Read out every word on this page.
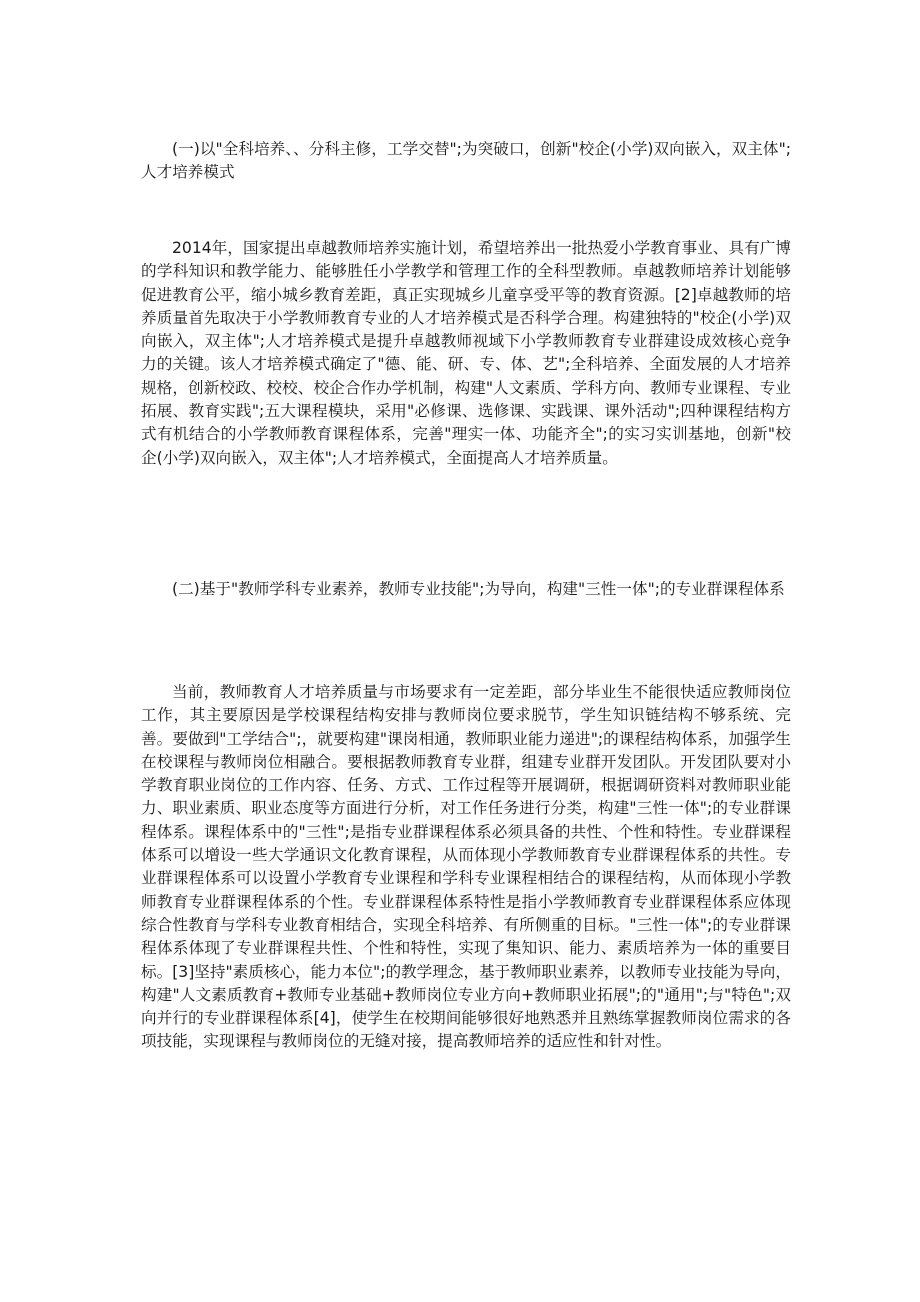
(一)以"全科培养、、分科主修，工学交替";为突破口，创新"校企(小学)双向嵌入，双主体";人才培养模式

2014年，国家提出卓越教师培养实施计划，希望培养出一批热爱小学教育事业、具有广博的学科知识和教学能力、能够胜任小学教学和管理工作的全科型教师。卓越教师培养计划能够促进教育公平，缩小城乡教育差距，真正实现城乡儿童享受平等的教育资源。[2]卓越教师的培养质量首先取决于小学教师教育专业的人才培养模式是否科学合理。构建独特的"校企(小学)双向嵌入，双主体";人才培养模式是提升卓越教师视域下小学教师教育专业群建设成效核心竞争力的关键。该人才培养模式确定了"德、能、研、专、体、艺";全科培养、全面发展的人才培养规格，创新校政、校校、校企合作办学机制，构建"人文素质、学科方向、教师专业课程、专业拓展、教育实践";五大课程模块，采用"必修课、选修课、实践课、课外活动";四种课程结构方式有机结合的小学教师教育课程体系，完善"理实一体、功能齐全";的实习实训基地，创新"校企(小学)双向嵌入，双主体";人才培养模式，全面提高人才培养质量。

(二)基于"教师学科专业素养，教师专业技能";为导向，构建"三性一体";的专业群课程体系

当前，教师教育人才培养质量与市场要求有一定差距，部分毕业生不能很快适应教师岗位工作，其主要原因是学校课程结构安排与教师岗位要求脱节，学生知识链结构不够系统、完善。要做到"工学结合";，就要构建"课岗相通，教师职业能力递进";的课程结构体系，加强学生在校课程与教师岗位相融合。要根据教师教育专业群，组建专业群开发团队。开发团队要对小学教育职业岗位的工作内容、任务、方式、工作过程等开展调研，根据调研资料对教师职业能力、职业素质、职业态度等方面进行分析，对工作任务进行分类，构建"三性一体";的专业群课程体系。课程体系中的"三性";是指专业群课程体系必须具备的共性、个性和特性。专业群课程体系可以增设一些大学通识文化教育课程，从而体现小学教师教育专业群课程体系的共性。专业群课程体系可以设置小学教育专业课程和学科专业课程相结合的课程结构，从而体现小学教师教育专业群课程体系的个性。专业群课程体系特性是指小学教师教育专业群课程体系应体现综合性教育与学科专业教育相结合，实现全科培养、有所侧重的目标。"三性一体";的专业群课程体系体现了专业群课程共性、个性和特性，实现了集知识、能力、素质培养为一体的重要目标。[3]坚持"素质核心，能力本位";的教学理念，基于教师职业素养，以教师专业技能为导向，构建"人文素质教育+教师专业基础+教师岗位专业方向+教师职业拓展";的"通用";与"特色";双向并行的专业群课程体系[4]，使学生在校期间能够很好地熟悉并且熟练掌握教师岗位需求的各项技能，实现课程与教师岗位的无缝对接，提高教师培养的适应性和针对性。
